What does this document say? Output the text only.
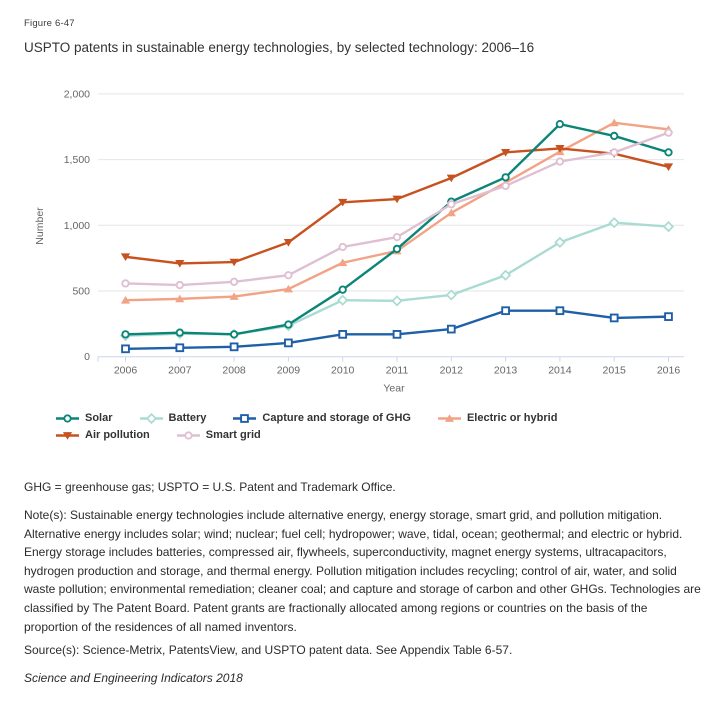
Figure 6-47
USPTO patents in sustainable energy technologies, by selected technology: 2006–16
2006	2007	2008	2009	2010	2011	2012	2013	2014	2015	2016
0
500
1,000
1,500
2,000
Year
Number
Solar	Battery	Capture and storage of GHG	Electric or hybrid
Air pollution	Smart grid
GHG = greenhouse gas; USPTO = U.S. Patent and Trademark Office.
Note(s): Sustainable energy technologies include alternative energy, energy storage, smart grid, and pollution mitigation. Alternative energy includes solar; wind; nuclear; fuel cell; hydropower; wave, tidal, ocean; geothermal; and electric or hybrid. Energy storage includes batteries, compressed air, flywheels, superconductivity, magnet energy systems, ultracapacitors, hydrogen production and storage, and thermal energy. Pollution mitigation includes recycling; control of air, water, and solid waste pollution; environmental remediation; cleaner coal; and capture and storage of carbon and other GHGs. Technologies are classified by The Patent Board. Patent grants are fractionally allocated among regions or countries on the basis of the proportion of the residences of all named inventors.
Source(s): Science-Metrix, PatentsView, and USPTO patent data. See Appendix Table 6-57.
Science and Engineering Indicators 2018
